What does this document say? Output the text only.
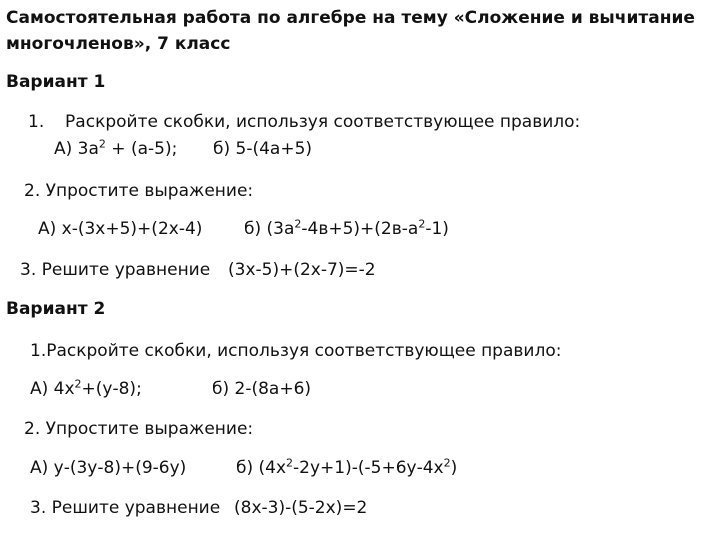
Самостоятельная работа по алгебре на тему «Сложение и вычитание
многочленов», 7 класс
Вариант 1
1. Раскройте скобки, используя соответствующее правило:
А) $3а^2 + (а-5)$; б) 5-(4а+5)
2. Упростите выражение:
А) х-(3х+5)+(2х-4) б) $(3а^2-4в+5)+(2в-а^2-1)$
3. Решите уравнение (3х-5)+(2х-7)=-2
Вариант 2
1.Раскройте скобки, используя соответствующее правило:
А) $4х^2+(у-8)$;	б) 2-(8а+6)
2. Упростите выражение:
А) у-(3у-8)+(9-6у)	б) $(4х^2-2у+1)-(-5+6у-4х^2)$
3. Решите уравнение (8х-3)-(5-2х)=2
